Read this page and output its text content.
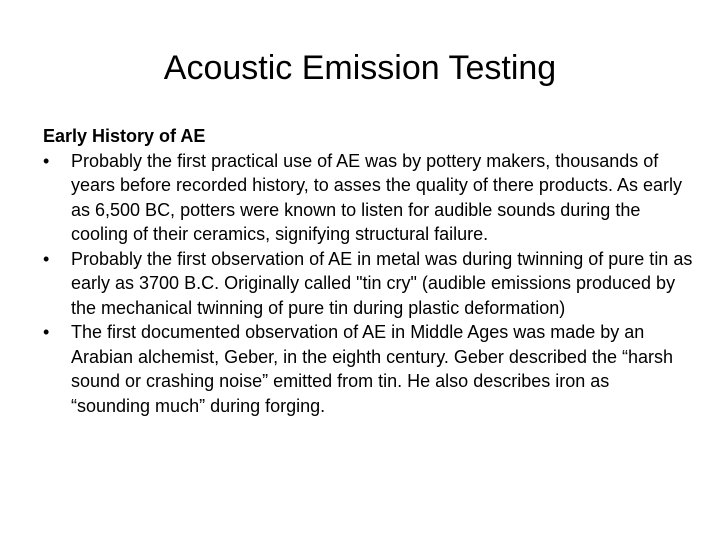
Acoustic Emission Testing

Early History of AE

•	Probably the first practical use of AE was by pottery makers, thousands of years before recorded history, to asses the quality of there products. As early as 6,500 BC, potters were known to listen for audible sounds during the cooling of their ceramics, signifying structural failure.
•	Probably the first observation of AE in metal was during twinning of pure tin as early as 3700 B.C. Originally called "tin cry" (audible emissions produced by the mechanical twinning of pure tin during plastic deformation)
•	The first documented observation of AE in Middle Ages was made by an Arabian alchemist, Geber, in the eighth century. Geber described the “harsh sound or crashing noise” emitted from tin. He also describes iron as “sounding much” during forging.
